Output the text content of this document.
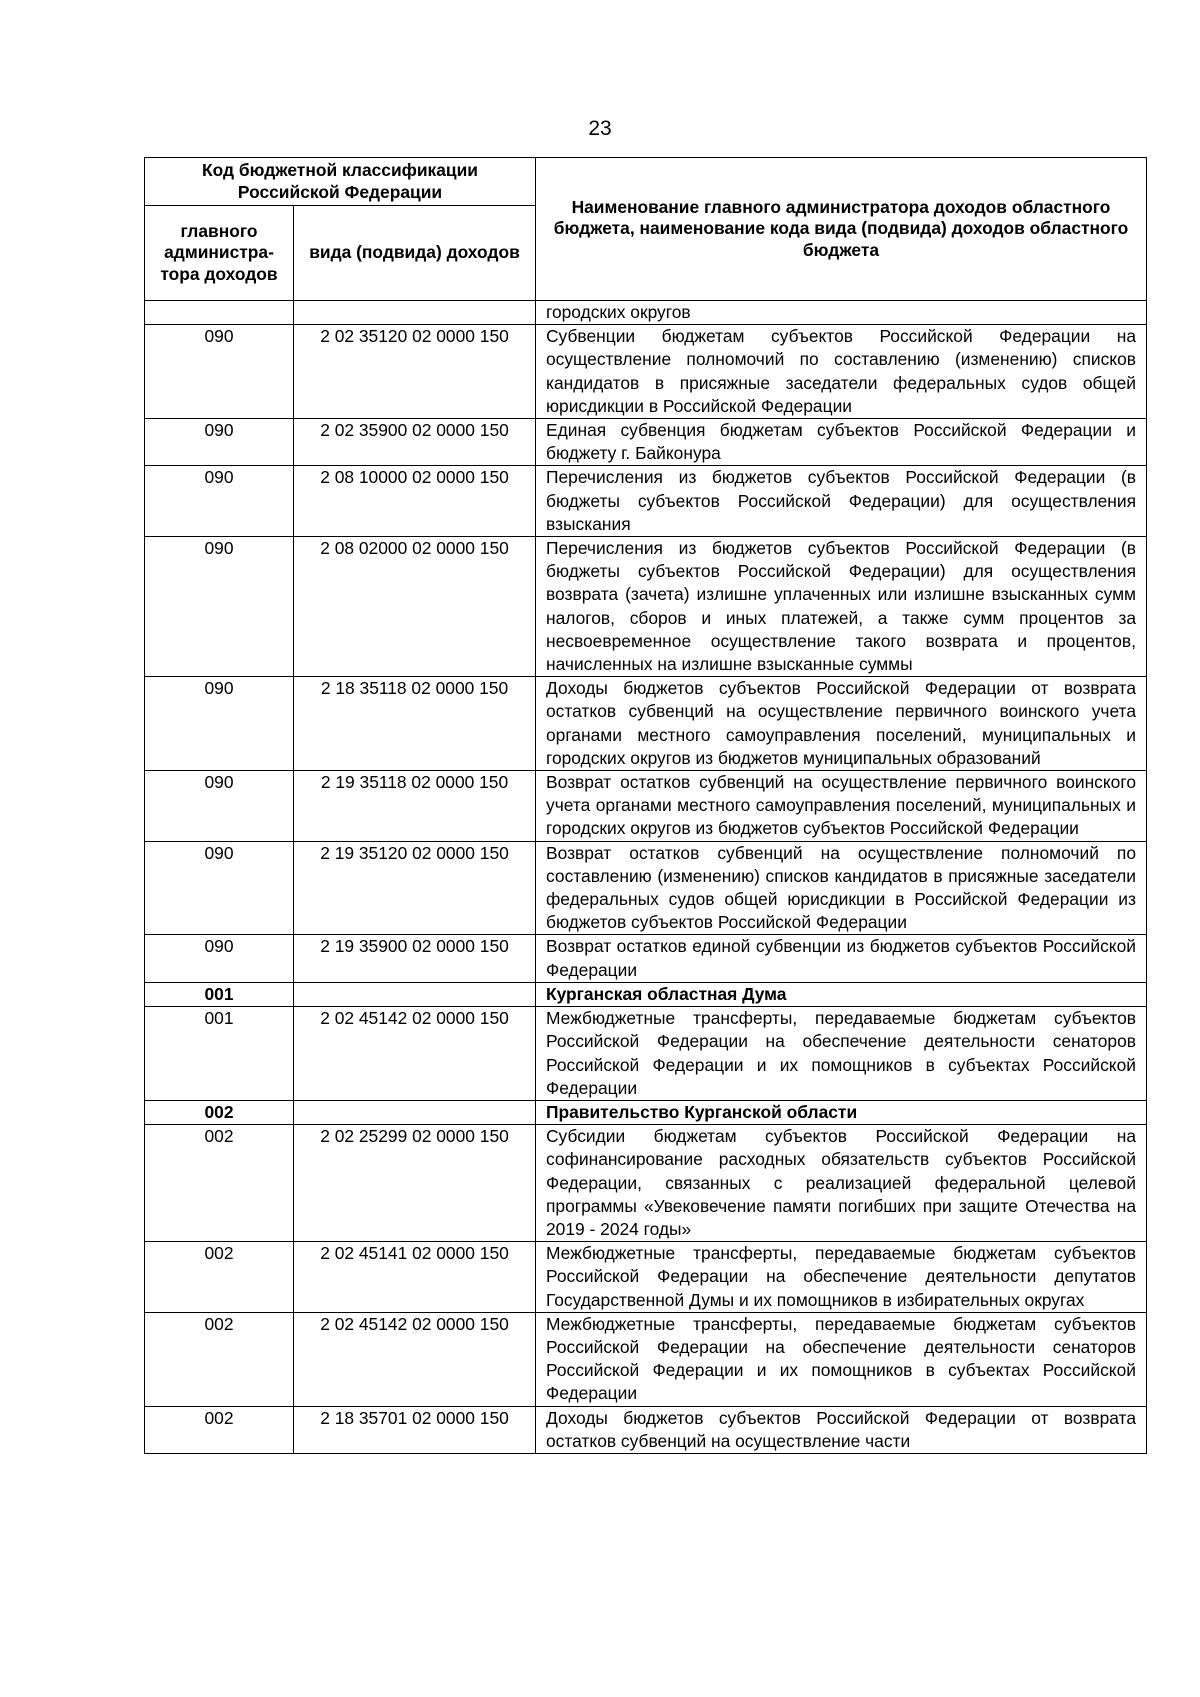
23
Код бюджетной классификации Российской Федерации		Наименование главного администратора доходов областного бюджета, наименование кода вида (подвида) доходов областного бюджета
главного администра-тора доходов	вида (подвида) доходов	
		городских округов
090	2 02 35120 02 0000 150	Субвенции бюджетам субъектов Российской Федерации на осуществление полномочий по составлению (изменению) списков кандидатов в присяжные заседатели федеральных судов общей юрисдикции в Российской Федерации
090	2 02 35900 02 0000 150	Единая субвенция бюджетам субъектов Российской Федерации и бюджету г. Байконура
090	2 08 10000 02 0000 150	Перечисления из бюджетов субъектов Российской Федерации (в бюджеты субъектов Российской Федерации) для осуществления взыскания
090	2 08 02000 02 0000 150	Перечисления из бюджетов субъектов Российской Федерации (в бюджеты субъектов Российской Федерации) для осуществления возврата (зачета) излишне уплаченных или излишне взысканных сумм налогов, сборов и иных платежей, а также сумм процентов за несвоевременное осуществление такого возврата и процентов, начисленных на излишне взысканные суммы
090	2 18 35118 02 0000 150	Доходы бюджетов субъектов Российской Федерации от возврата остатков субвенций на осуществление первичного воинского учета органами местного самоуправления поселений, муниципальных и городских округов из бюджетов муниципальных образований
090	2 19 35118 02 0000 150	Возврат остатков субвенций на осуществление первичного воинского учета органами местного самоуправления поселений, муниципальных и городских округов из бюджетов субъектов Российской Федерации
090	2 19 35120 02 0000 150	Возврат остатков субвенций на осуществление полномочий по составлению (изменению) списков кандидатов в присяжные заседатели федеральных судов общей юрисдикции в Российской Федерации из бюджетов субъектов Российской Федерации
090	2 19 35900 02 0000 150	Возврат остатков единой субвенции из бюджетов субъектов Российской Федерации
001		Курганская областная Дума
001	2 02 45142 02 0000 150	Межбюджетные трансферты, передаваемые бюджетам субъектов Российской Федерации на обеспечение деятельности сенаторов Российской Федерации и их помощников в субъектах Российской Федерации
002		Правительство Курганской области
002	2 02 25299 02 0000 150	Субсидии бюджетам субъектов Российской Федерации на софинансирование расходных обязательств субъектов Российской Федерации, связанных с реализацией федеральной целевой программы «Увековечение памяти погибших при защите Отечества на 2019 - 2024 годы»
002	2 02 45141 02 0000 150	Межбюджетные трансферты, передаваемые бюджетам субъектов Российской Федерации на обеспечение деятельности депутатов Государственной Думы и их помощников в избирательных округах
002	2 02 45142 02 0000 150	Межбюджетные трансферты, передаваемые бюджетам субъектов Российской Федерации на обеспечение деятельности сенаторов Российской Федерации и их помощников в субъектах Российской Федерации
002	2 18 35701 02 0000 150	Доходы бюджетов субъектов Российской Федерации от возврата остатков субвенций на осуществление части
